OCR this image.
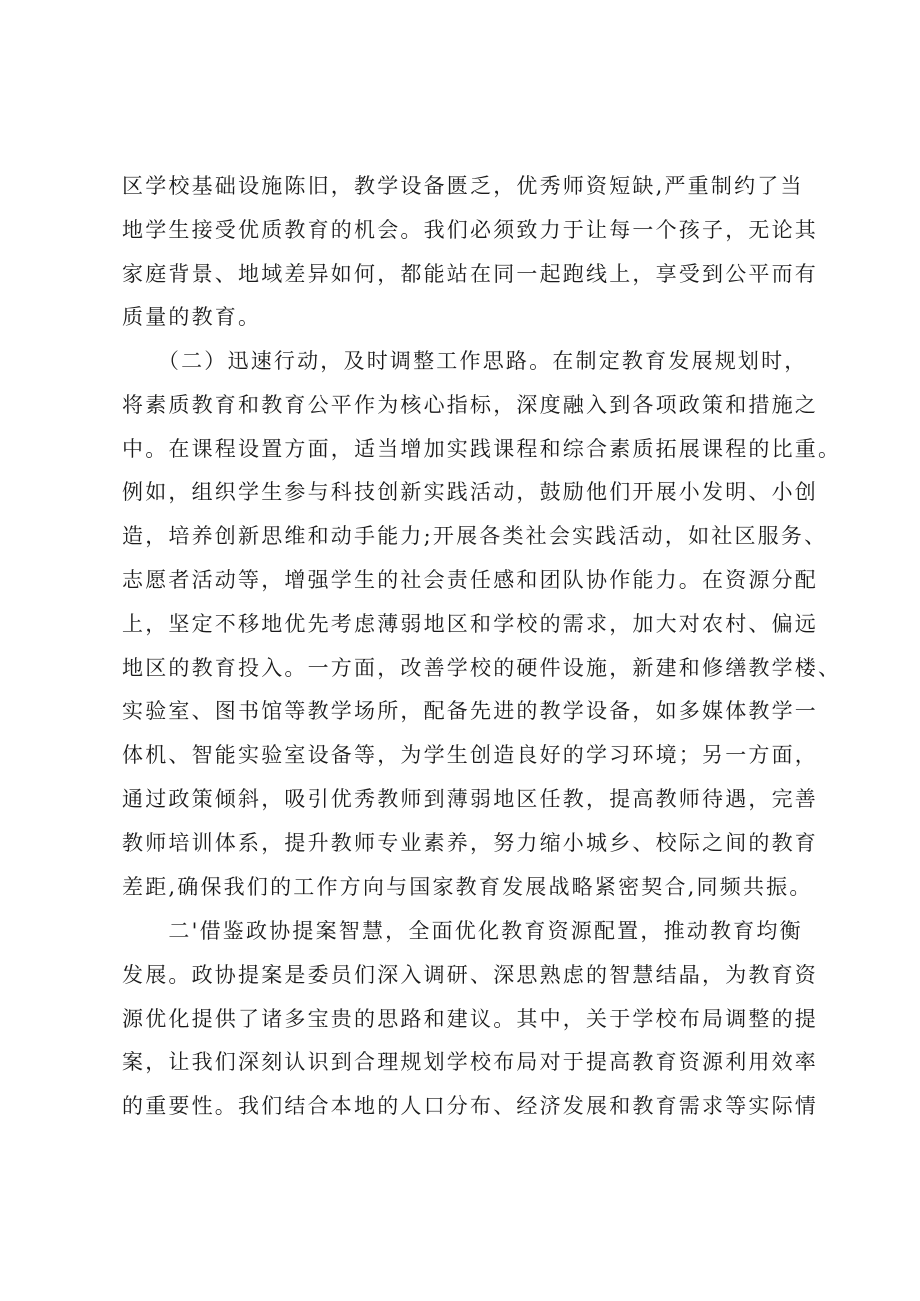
区学校基础设施陈旧，教学设备匮乏，优秀师资短缺,严重制约了当
地学生接受优质教育的机会。我们必须致力于让每一个孩子，无论其
家庭背景、地域差异如何，都能站在同一起跑线上，享受到公平而有
质量的教育。
　　（二）迅速行动，及时调整工作思路。在制定教育发展规划时，
将素质教育和教育公平作为核心指标，深度融入到各项政策和措施之
中。在课程设置方面，适当增加实践课程和综合素质拓展课程的比重。
例如，组织学生参与科技创新实践活动，鼓励他们开展小发明、小创
造，培养创新思维和动手能力;开展各类社会实践活动，如社区服务、
志愿者活动等，增强学生的社会责任感和团队协作能力。在资源分配
上，坚定不移地优先考虑薄弱地区和学校的需求，加大对农村、偏远
地区的教育投入。一方面，改善学校的硬件设施，新建和修缮教学楼、
实验室、图书馆等教学场所，配备先进的教学设备，如多媒体教学一
体机、智能实验室设备等，为学生创造良好的学习环境；另一方面，
通过政策倾斜，吸引优秀教师到薄弱地区任教，提高教师待遇，完善
教师培训体系，提升教师专业素养，努力缩小城乡、校际之间的教育
差距,确保我们的工作方向与国家教育发展战略紧密契合,同频共振。
　　二'借鉴政协提案智慧，全面优化教育资源配置，推动教育均衡
发展。政协提案是委员们深入调研、深思熟虑的智慧结晶，为教育资
源优化提供了诸多宝贵的思路和建议。其中，关于学校布局调整的提
案，让我们深刻认识到合理规划学校布局对于提高教育资源利用效率
的重要性。我们结合本地的人口分布、经济发展和教育需求等实际情
